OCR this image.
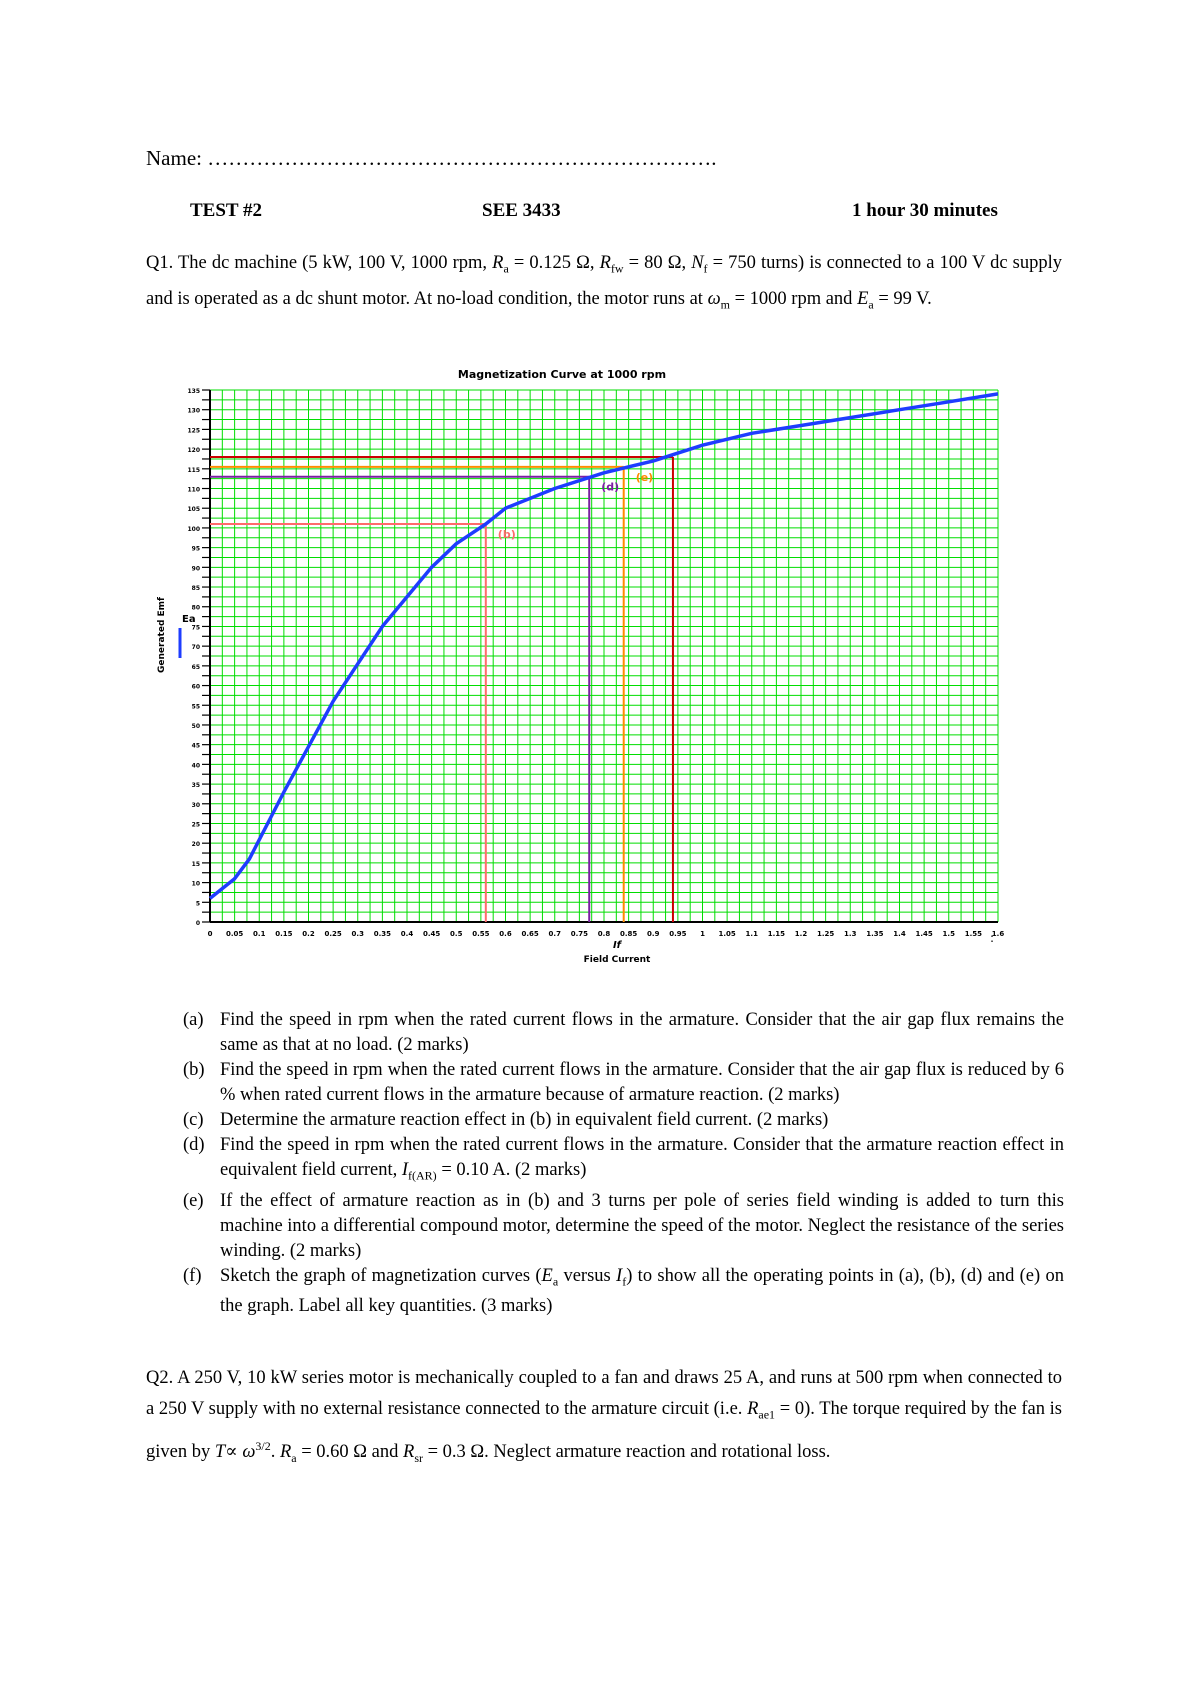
Name: ……………………………………………………………….
TEST #2	SEE 3433	1 hour 30 minutes
Q1. The dc machine (5 kW, 100 V, 1000 rpm, $R_a = 0.125$ Ω, $R_{fw} = 80$ Ω, $N_f = 750$ turns) is connected to a 100 V dc supply and is operated as a dc shunt motor. At no-load condition, the motor runs at $\omega_m = 1000$ rpm and $E_a = 99$ V.
Magnetization Curve at 1000 rpm
(b)
(d)
(e)
0 0.05 0.1 0.15 0.2 0.25 0.3 0.35 0.4 0.45 0.5 0.55 0.6 0.65 0.7 0.75 0.8 0.85 0.9 0.95 1 1.05 1.1 1.15 1.2 1.25 1.3 1.35 1.4 1.45 1.5 1.55 1.6
0
5
10
15
20
25
30
35
40
45
50
55
60
65
70
75
80
85
90
95
100
105
110
115
120
125
130
135
If
Field Current
Generated Emf Ea
:
(a) Find the speed in rpm when the rated current flows in the armature. Consider that the air gap flux remains the same as that at no load. (2 marks)
(b) Find the speed in rpm when the rated current flows in the armature. Consider that the air gap flux is reduced by 6 % when rated current flows in the armature because of armature reaction. (2 marks)
(c) Determine the armature reaction effect in (b) in equivalent field current. (2 marks)
(d) Find the speed in rpm when the rated current flows in the armature. Consider that the armature reaction effect in equivalent field current, $I_{f(AR)} = 0.10$ A. (2 marks)
(e) If the effect of armature reaction as in (b) and 3 turns per pole of series field winding is added to turn this machine into a differential compound motor, determine the speed of the motor. Neglect the resistance of the series winding. (2 marks)
(f) Sketch the graph of magnetization curves ($E_a$ versus $I_f$) to show all the operating points in (a), (b), (d) and (e) on the graph. Label all key quantities. (3 marks)
Q2. A 250 V, 10 kW series motor is mechanically coupled to a fan and draws 25 A, and runs at 500 rpm when connected to a 250 V supply with no external resistance connected to the armature circuit (i.e. $R_{ae1} = 0$). The torque required by the fan is given by $T\propto \omega^{3/2}$. $R_a = 0.60$ Ω and $R_{sr} = 0.3$ Ω. Neglect armature reaction and rotational loss.
